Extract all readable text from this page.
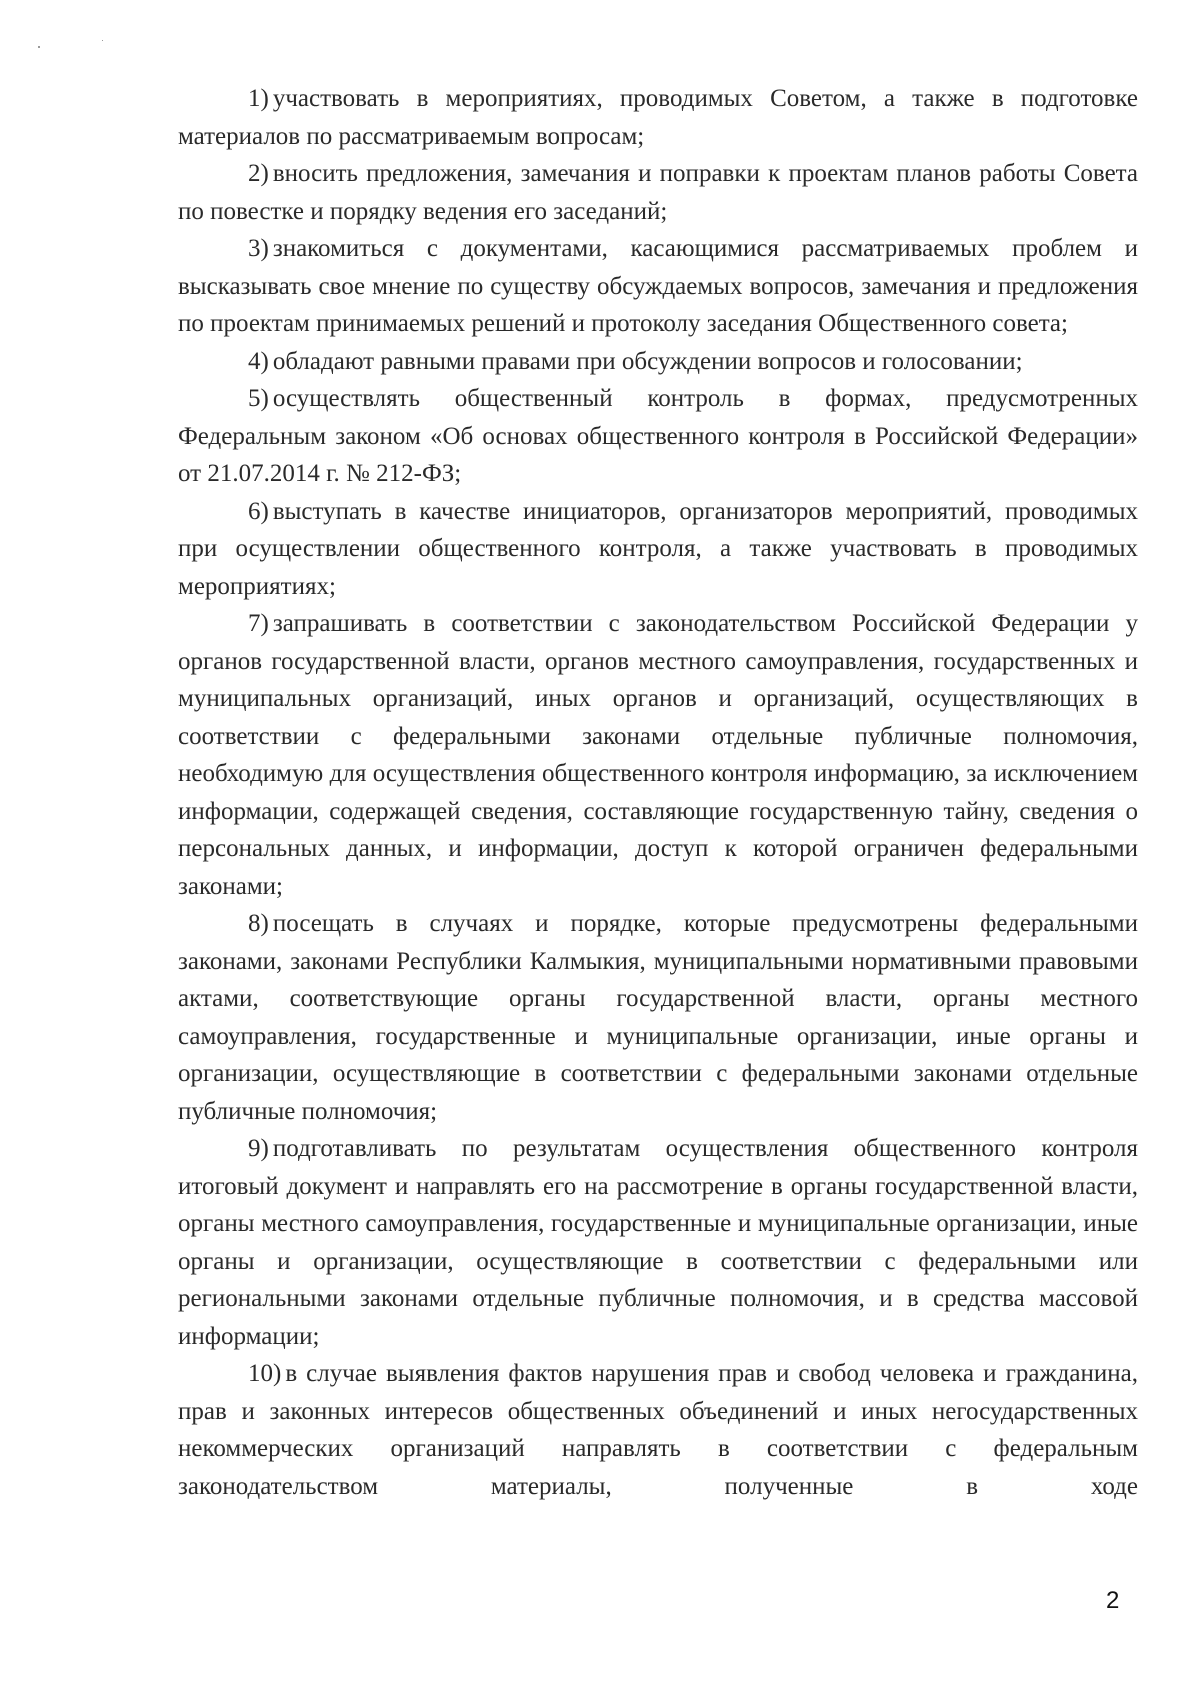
1) участвовать в мероприятиях, проводимых Советом, а также в подготовке материалов по рассматриваемым вопросам;

2) вносить предложения, замечания и поправки к проектам планов работы Совета по повестке и порядку ведения его заседаний;

3) знакомиться с документами, касающимися рассматриваемых проблем и высказывать свое мнение по существу обсуждаемых вопросов, замечания и предложения по проектам принимаемых решений и протоколу заседания Общественного совета;

4) обладают равными правами при обсуждении вопросов и голосовании;

5) осуществлять общественный контроль в формах, предусмотренных Федеральным законом «Об основах общественного контроля в Российской Федерации» от 21.07.2014 г. № 212-ФЗ;

6) выступать в качестве инициаторов, организаторов мероприятий, проводимых при осуществлении общественного контроля, а также участвовать в проводимых мероприятиях;

7) запрашивать в соответствии с законодательством Российской Федерации у органов государственной власти, органов местного самоуправления, государственных и муниципальных организаций, иных органов и организаций, осуществляющих в соответствии с федеральными законами отдельные публичные полномочия, необходимую для осуществления общественного контроля информацию, за исключением информации, содержащей сведения, составляющие государственную тайну, сведения о персональных данных, и информации, доступ к которой ограничен федеральными законами;

8) посещать в случаях и порядке, которые предусмотрены федеральными законами, законами Республики Калмыкия, муниципальными нормативными правовыми актами, соответствующие органы государственной власти, органы местного самоуправления, государственные и муниципальные организации, иные органы и организации, осуществляющие в соответствии с федеральными законами отдельные публичные полномочия;

9) подготавливать по результатам осуществления общественного контроля итоговый документ и направлять его на рассмотрение в органы государственной власти, органы местного самоуправления, государственные и муниципальные организации, иные органы и организации, осуществляющие в соответствии с федеральными или региональными законами отдельные публичные полномочия, и в средства массовой информации;

10) в случае выявления фактов нарушения прав и свобод человека и гражданина, прав и законных интересов общественных объединений и иных негосударственных некоммерческих организаций направлять в соответствии с федеральным законодательством материалы, полученные в ходе

2
